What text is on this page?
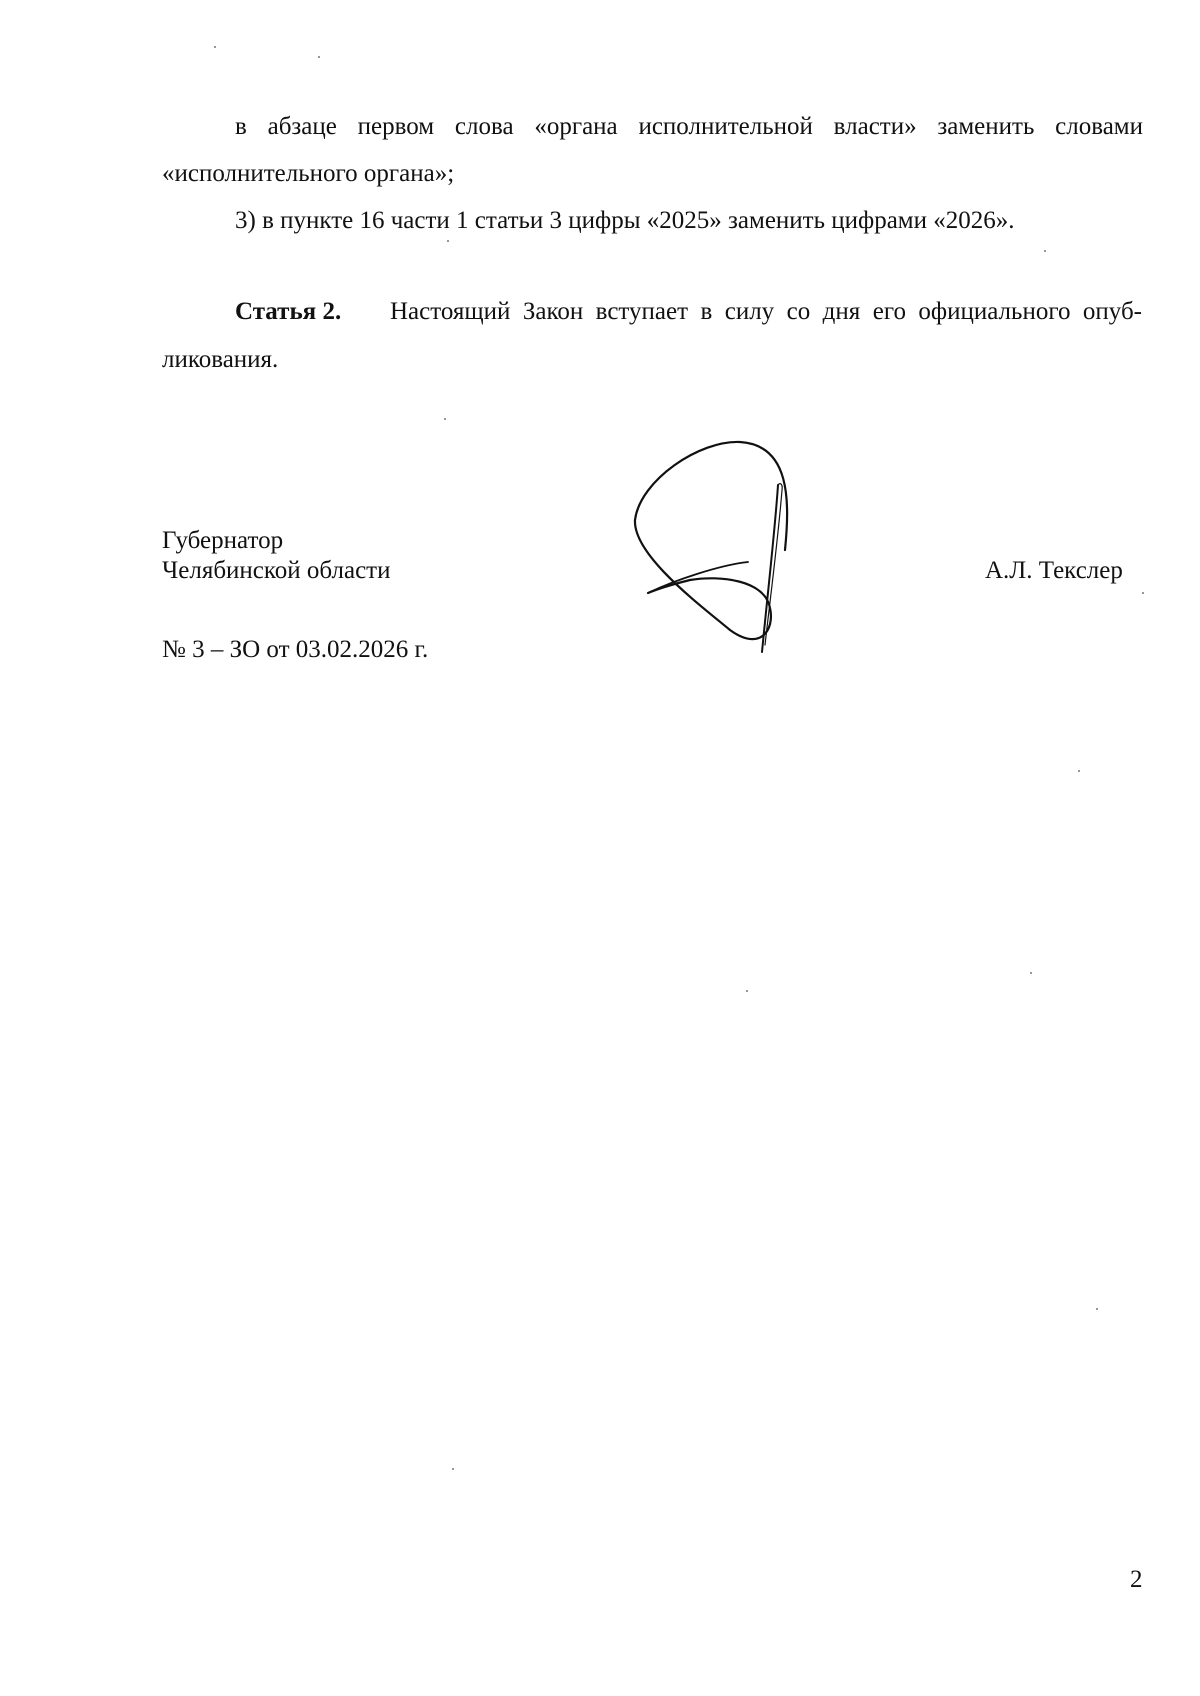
в абзаце первом слова «органа исполнительной власти» заменить словами
«исполнительного органа»;
3) в пункте 16 части 1 статьи 3 цифры «2025» заменить цифрами «2026».
Статья 2. Настоящий Закон вступает в силу со дня его официального опуб-
ликования.
Губернатор
Челябинской области	А.Л. Текслер
№ 3 – ЗО от 03.02.2026 г.
2
